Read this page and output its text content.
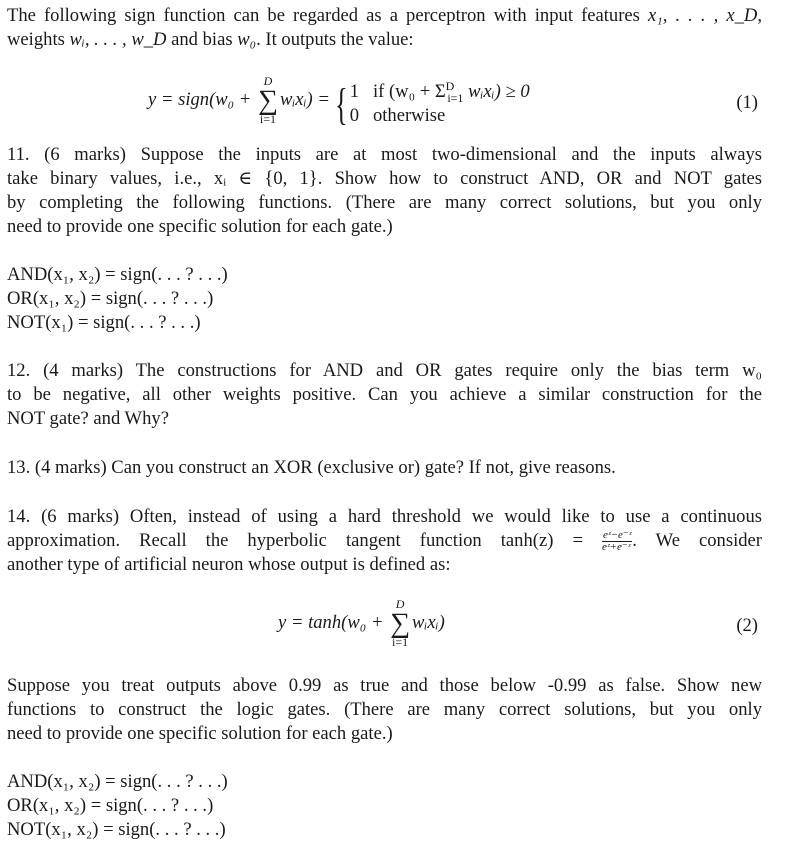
The following sign function can be regarded as a perceptron with input features x₁, . . . , x_D,
weights wᵢ, . . . , w_D and bias w₀. It outputs the value:
y = sign(w₀ + ∑
D
i=1
wᵢxᵢ) = { 1 if ($w_0 + \Sigma^D_{i=1}$ wᵢxᵢ) ≥ 0
0 otherwise
(1)
11. (6 marks) Suppose the inputs are at most two-dimensional and the inputs always
take binary values, i.e., xᵢ ∈ {0, 1}. Show how to construct AND, OR and NOT gates
by completing the following functions. (There are many correct solutions, but you only
need to provide one specific solution for each gate.)
AND(x₁, x₂) = sign(. . . ? . . .)
OR(x₁, x₂) = sign(. . . ? . . .)
NOT(x₁) = sign(. . . ? . . .)
12. (4 marks) The constructions for AND and OR gates require only the bias term w₀
to be negative, all other weights positive. Can you achieve a similar construction for the
NOT gate? and Why?
13. (4 marks) Can you construct an XOR (exclusive or) gate? If not, give reasons.
14. (6 marks) Often, instead of using a hard threshold we would like to use a continuous
approximation. Recall the hyperbolic tangent function $\tanh(z) = \frac{\text{eᶻ−e⁻ᶻ}}{\text{eᶻ+e⁻ᶻ}}$ . We consider
another type of artificial neuron whose output is defined as:
y = tanh(w₀ + ∑
D
i=1
wᵢxᵢ)	(2)
Suppose you treat outputs above 0.99 as true and those below -0.99 as false. Show new
functions to construct the logic gates. (There are many correct solutions, but you only
need to provide one specific solution for each gate.)
AND(x₁, x₂) = sign(. . . ? . . .)
OR(x₁, x₂) = sign(. . . ? . . .)
NOT(x₁, x₂) = sign(. . . ? . . .)
